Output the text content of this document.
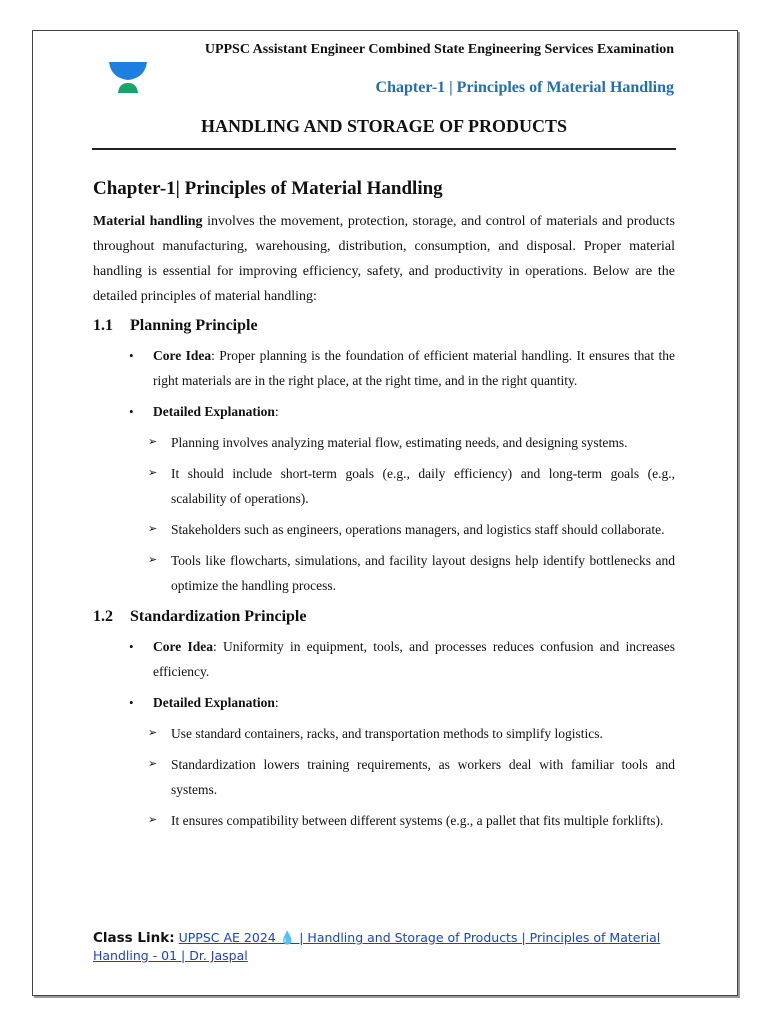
UPPSC Assistant Engineer Combined State Engineering Services Examination
Chapter-1 | Principles of Material Handling
HANDLING AND STORAGE OF PRODUCTS
Chapter-1| Principles of Material Handling

Material handling involves the movement, protection, storage, and control of materials and products throughout manufacturing, warehousing, distribution, consumption, and disposal. Proper material handling is essential for improving efficiency, safety, and productivity in operations. Below are the detailed principles of material handling:

1.1	Planning Principle
• Core Idea: Proper planning is the foundation of efficient material handling. It ensures that the right materials are in the right place, at the right time, and in the right quantity.
• Detailed Explanation:
➢ Planning involves analyzing material flow, estimating needs, and designing systems.
➢ It should include short-term goals (e.g., daily efficiency) and long-term goals (e.g., scalability of operations).
➢ Stakeholders such as engineers, operations managers, and logistics staff should collaborate.
➢ Tools like flowcharts, simulations, and facility layout designs help identify bottlenecks and optimize the handling process.
1.2	Standardization Principle
• Core Idea: Uniformity in equipment, tools, and processes reduces confusion and increases efficiency.
• Detailed Explanation:
➢ Use standard containers, racks, and transportation methods to simplify logistics.
➢ Standardization lowers training requirements, as workers deal with familiar tools and systems.
➢ It ensures compatibility between different systems (e.g., a pallet that fits multiple forklifts).
Class Link: UPPSC AE 2024 💧 | Handling and Storage of Products | Principles of Material Handling - 01 | Dr. Jaspal
